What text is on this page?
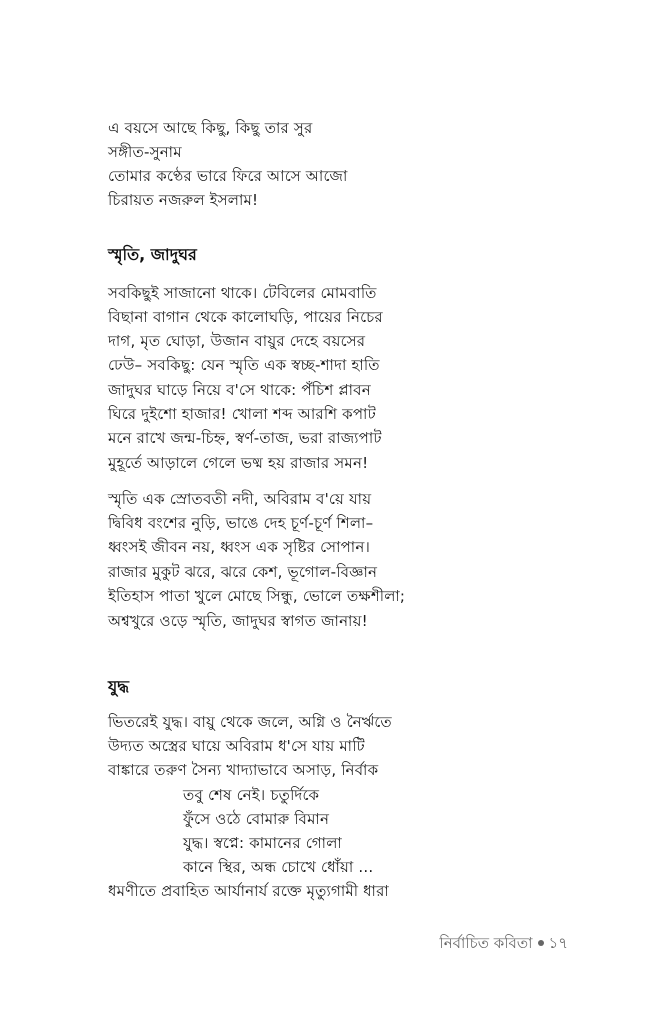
এ বয়সে আছে কিছু, কিছু তার সুর
সঙ্গীত-সুনাম
তোমার কণ্ঠের ভারে ফিরে আসে আজো
চিরায়ত নজরুল ইসলাম!
স্মৃতি, জাদুঘর
সবকিছুই সাজানো থাকে। টেবিলের মোমবাতি
বিছানা বাগান থেকে কালোঘড়ি, পায়ের নিচের
দাগ, মৃত ঘোড়া, উজান বায়ুর দেহে বয়সের
ঢেউ– সবকিছু: যেন স্মৃতি এক স্বচ্ছ-শাদা হাতি
জাদুঘর ঘাড়ে নিয়ে ব'সে থাকে: পঁচিশ প্লাবন
ঘিরে দুইশো হাজার! খোলা শব্দ আরশি কপাট
মনে রাখে জন্ম-চিহ্ন, স্বর্ণ-তাজ, ভরা রাজ্যপাট
মুহূর্তে আড়ালে গেলে ভষ্ম হয় রাজার সমন!
স্মৃতি এক স্রোতবতী নদী, অবিরাম ব'য়ে যায়
দ্বিবিধ বংশের নুড়ি, ভাঙে দেহ চূর্ণ-চূর্ণ শিলা–
ধ্বংসই জীবন নয়, ধ্বংস এক সৃষ্টির সোপান।
রাজার মুকুট ঝরে, ঝরে কেশ, ভূগোল-বিজ্ঞান
ইতিহাস পাতা খুলে মোছে সিন্ধু, ভোলে তক্ষশীলা;
অশ্বখুরে ওড়ে স্মৃতি, জাদুঘর স্বাগত জানায়!
যুদ্ধ
ভিতরেই যুদ্ধ। বায়ু থেকে জলে, অগ্নি ও নৈর্ঋতে
উদ্যত অস্ত্রের ঘায়ে অবিরাম ধ'সে যায় মাটি
বাঙ্কারে তরুণ সৈন্য খাদ্যাভাবে অসাড়, নির্বাক
তবু শেষ নেই। চতুর্দিকে
ফুঁসে ওঠে বোমারু বিমান
যুদ্ধ। স্বপ্নে: কামানের গোলা
কানে স্থির, অন্ধ চোখে ধোঁয়া ...
ধমণীতে প্রবাহিত আর্যানার্য রক্তে মৃত্যুগামী ধারা
নির্বাচিত কবিতা ১৭
